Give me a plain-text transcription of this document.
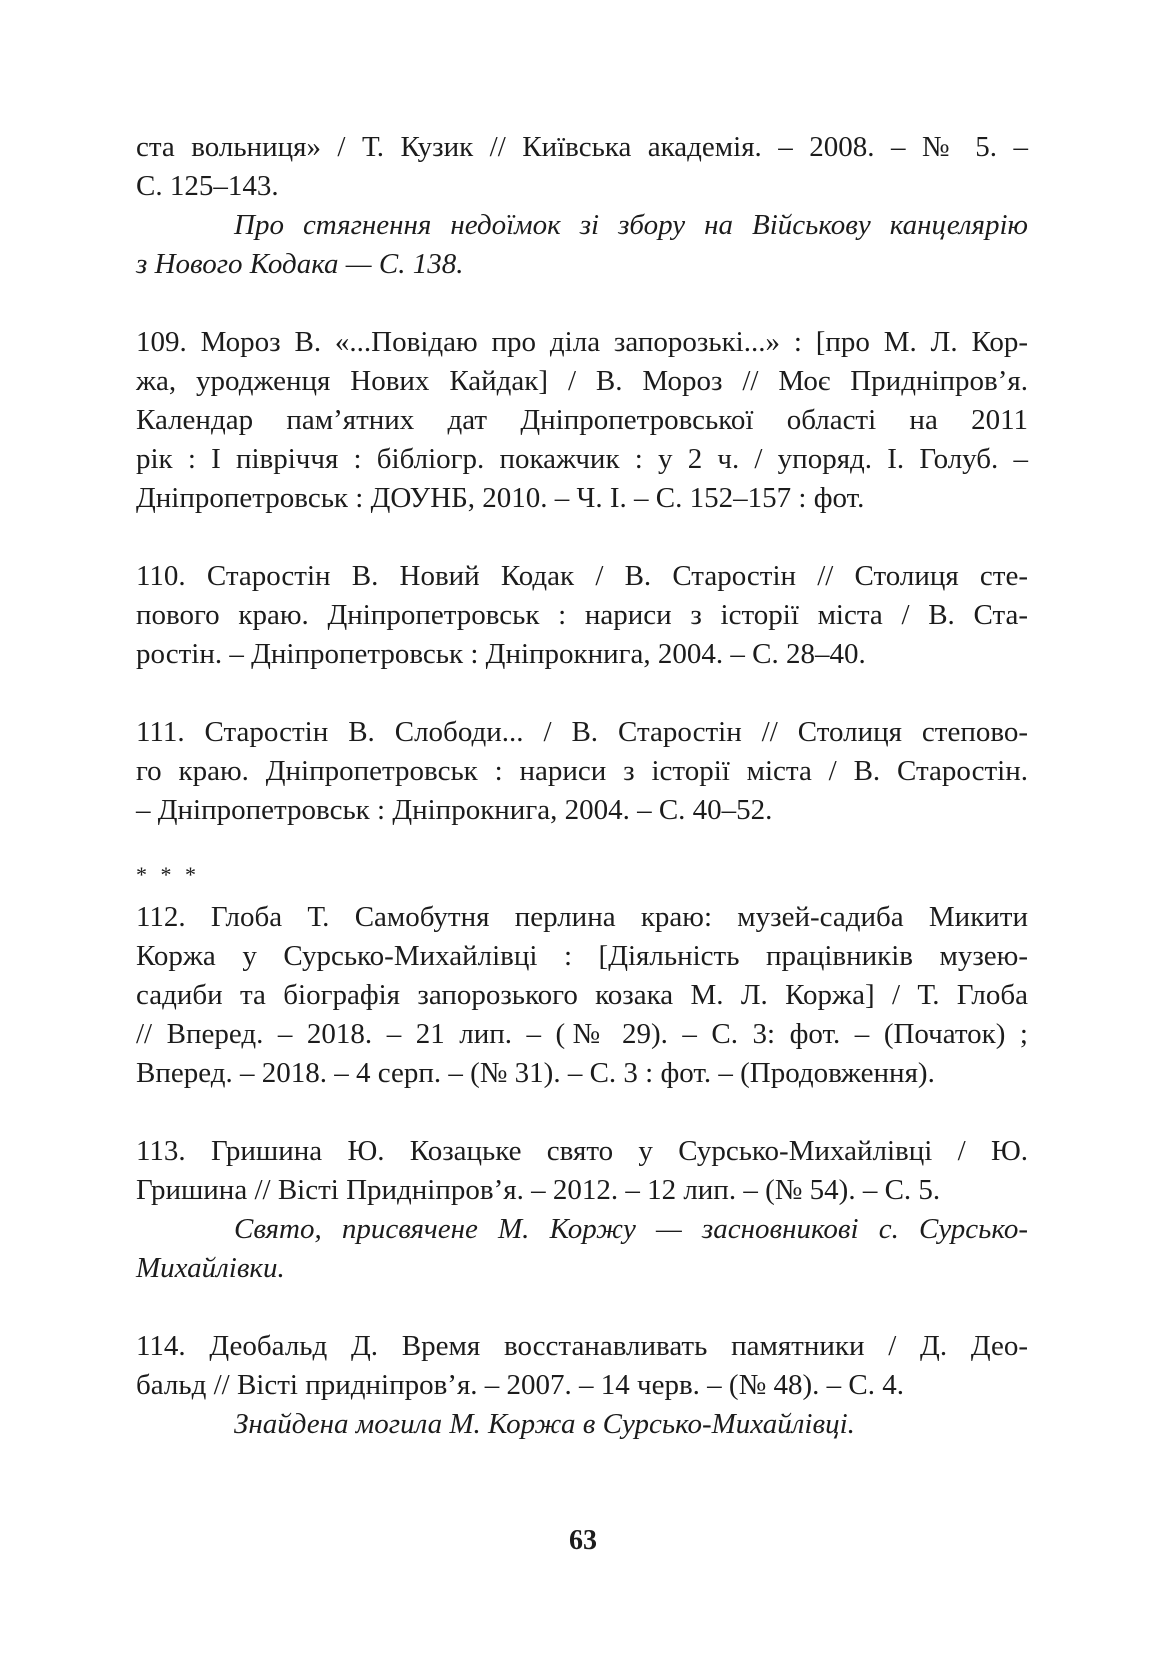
ста вольниця» / Т. Кузик // Київська академія. – 2008. – № 5. –
С. 125–143.

Про стягнення недоїмок зі збору на Військову канцелярію
з Нового Кодака — С. 138.

109. Мороз В. «...Повідаю про діла запорозькі...» : [про М. Л. Кор-
жа, уродженця Нових Кайдак] / В. Мороз // Моє Придніпров’я.
Календар пам’ятних дат Дніпропетровської області на 2011
рік : І півріччя : бібліогр. покажчик : у 2 ч. / упоряд. І. Голуб. –
Дніпропетровськ : ДОУНБ, 2010. – Ч. І. – С. 152–157 : фот.

110. Старостін В. Новий Кодак / В. Старостін // Столиця сте-
пового краю. Дніпропетровськ : нариси з історії міста / В. Ста-
ростін. – Дніпропетровськ : Дніпрокнига, 2004. – С. 28–40.

111. Старостін В. Слободи... / В. Старостін // Столиця степово-
го краю. Дніпропетровськ : нариси з історії міста / В. Старостін.
– Дніпропетровськ : Дніпрокнига, 2004. – С. 40–52.

* * *

112. Глоба Т. Самобутня перлина краю: музей-садиба Микити
Коржа у Сурсько-Михайлівці : [Діяльність працівників музею-
садиби та біографія запорозького козака М. Л. Коржа] / Т. Глоба
// Вперед. – 2018. – 21 лип. – (№ 29). – С. 3: фот. – (Початок) ;
Вперед. – 2018. – 4 серп. – (№ 31). – С. 3 : фот. – (Продовження).

113. Гришина Ю. Козацьке свято у Сурсько-Михайлівці / Ю.
Гришина // Вісті Придніпров’я. – 2012. – 12 лип. – (№ 54). – С. 5.

Свято, присвячене М. Коржу — засновникові с. Сурсько-
Михайлівки.

114. Деобальд Д. Время восстанавливать памятники / Д. Део-
бальд // Вісті придніпров’я. – 2007. – 14 черв. – (№ 48). – С. 4.

Знайдена могила М. Коржа в Сурсько-Михайлівці.

63
